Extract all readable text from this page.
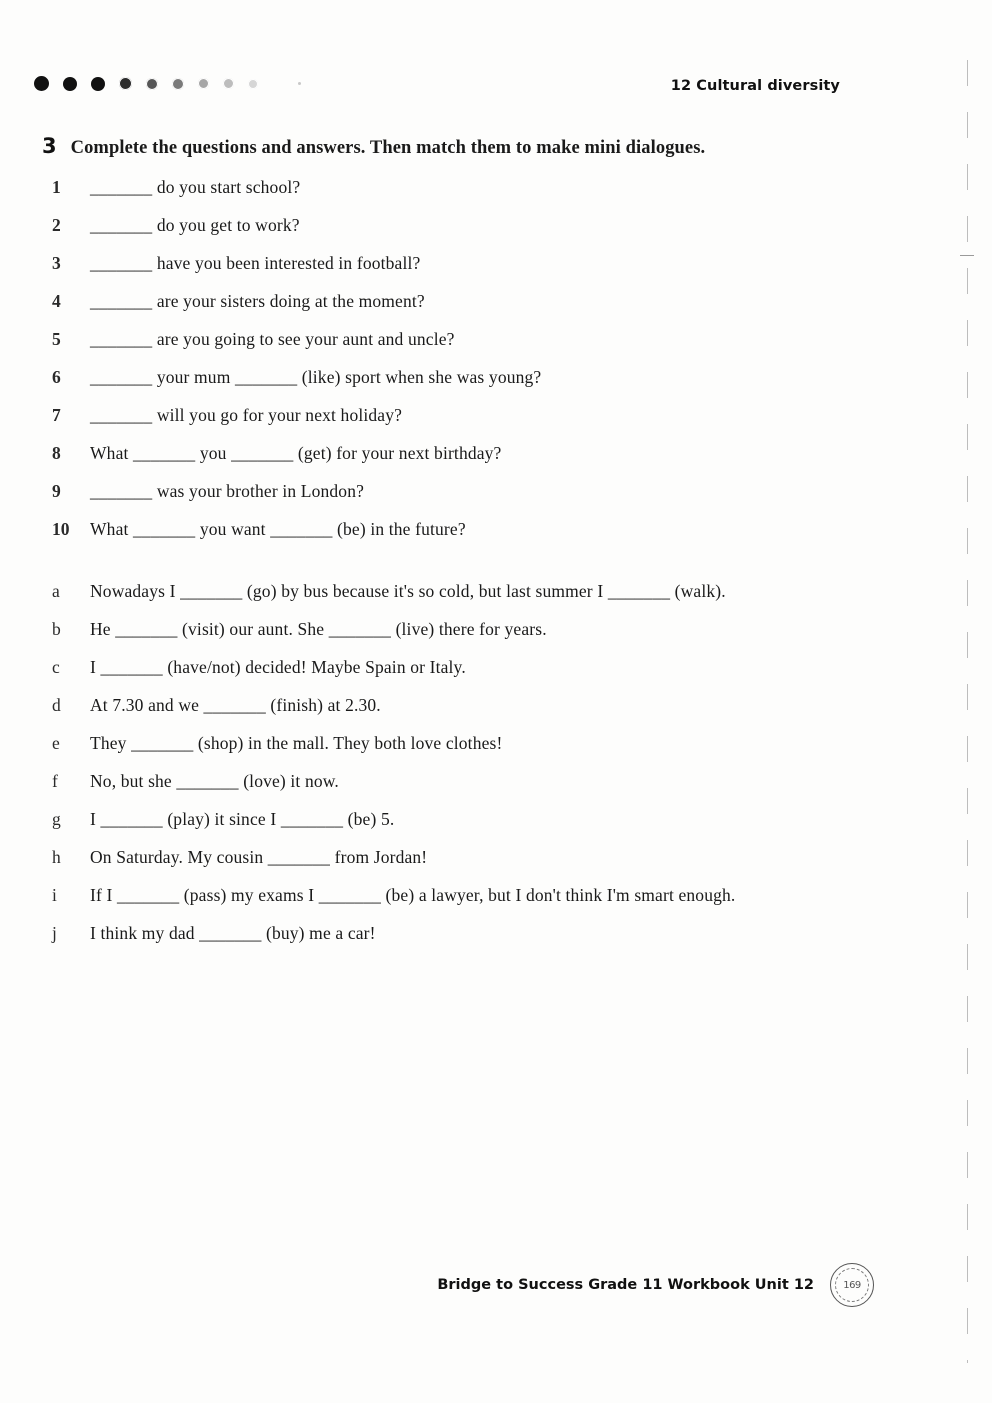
12 Cultural diversity
3 Complete the questions and answers. Then match them to make mini dialogues.
1	_______ do you start school?
2	_______ do you get to work?
3	_______ have you been interested in football?
4	_______ are your sisters doing at the moment?
5	_______ are you going to see your aunt and uncle?
6	_______ your mum _______ (like) sport when she was young?
7	_______ will you go for your next holiday?
8	What _______ you _______ (get) for your next birthday?
9	_______ was your brother in London?
10	What _______ you want _______ (be) in the future?
a	Nowadays I _______ (go) by bus because it's so cold, but last summer I _______ (walk).
b	He _______ (visit) our aunt. She _______ (live) there for years.
c	I _______ (have/not) decided! Maybe Spain or Italy.
d	At 7.30 and we _______ (finish) at 2.30.
e	They _______ (shop) in the mall. They both love clothes!
f	No, but she _______ (love) it now.
g	I _______ (play) it since I _______ (be) 5.
h	On Saturday. My cousin _______ from Jordan!
i	If I _______ (pass) my exams I _______ (be) a lawyer, but I don't think I'm smart enough.
j	I think my dad _______ (buy) me a car!
Bridge to Success Grade 11 Workbook Unit 12	169
